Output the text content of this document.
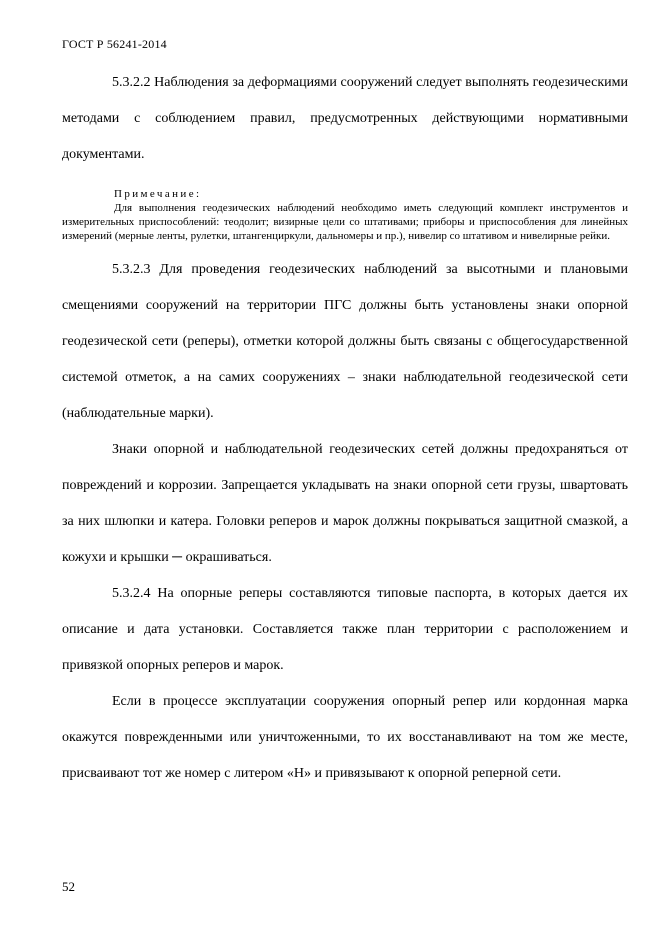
ГОСТ Р 56241-2014

5.3.2.2 Наблюдения за деформациями сооружений следует выполнять геодезическими методами с соблюдением правил, предусмотренных действующими нормативными документами.

Примечание:

Для выполнения геодезических наблюдений необходимо иметь следующий комплект инструментов и измерительных приспособлений: теодолит; визирные цели со штативами; приборы и приспособления для линейных измерений (мерные ленты, рулетки, штангенциркули, дальномеры и пр.), нивелир со штативом и нивелирные рейки.

5.3.2.3 Для проведения геодезических наблюдений за высотными и плановыми смещениями сооружений на территории ПГС должны быть установлены знаки опорной геодезической сети (реперы), отметки которой должны быть связаны с общегосударственной системой отметок, а на самих сооружениях – знаки наблюдательной геодезической сети (наблюдательные марки).

Знаки опорной и наблюдательной геодезических сетей должны предохраняться от повреждений и коррозии. Запрещается укладывать на знаки опорной сети грузы, швартовать за них шлюпки и катера. Головки реперов и марок должны покрываться защитной смазкой, а кожухи и крышки ─ окрашиваться.

5.3.2.4 На опорные реперы составляются типовые паспорта, в которых дается их описание и дата установки. Составляется также план территории с расположением и привязкой опорных реперов и марок.

Если в процессе эксплуатации сооружения опорный репер или кордонная марка окажутся поврежденными или уничтоженными, то их восстанавливают на том же месте, присваивают тот же номер с литером «Н» и привязывают к опорной реперной сети.

52
